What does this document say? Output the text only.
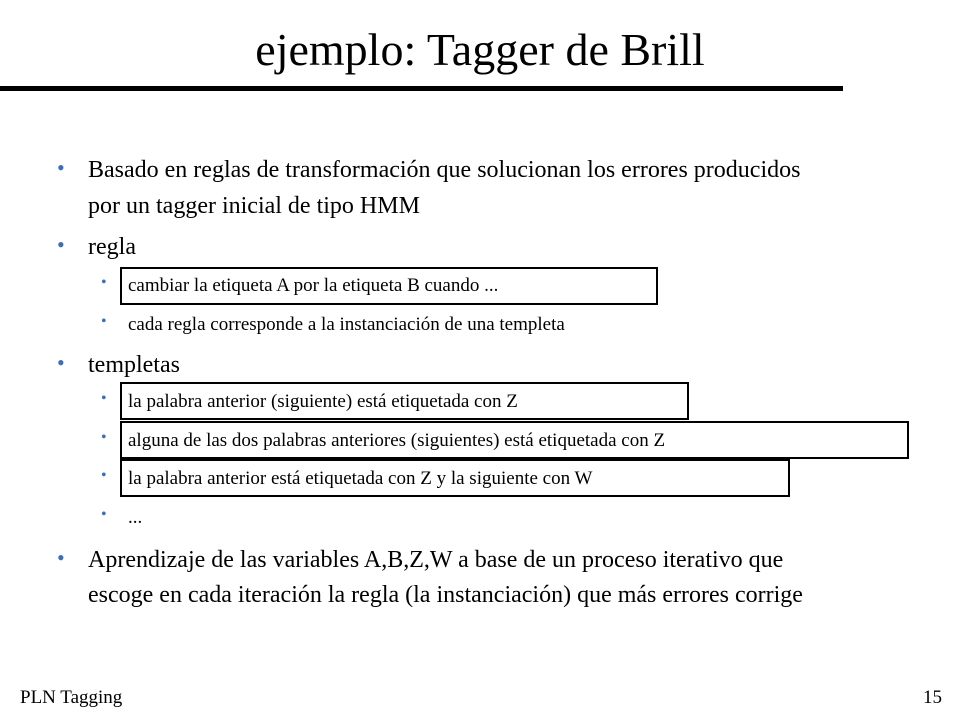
ejemplo: Tagger de Brill
• Basado en reglas de transformación que solucionan los errores producidos
por un tagger inicial de tipo HMM
• regla
• cambiar la etiqueta A por la etiqueta B cuando ...
• cada regla corresponde a la instanciación de una templeta
• templetas
• la palabra anterior (siguiente) está etiquetada con Z
• alguna de las dos palabras anteriores (siguientes) está etiquetada con Z
• la palabra anterior está etiquetada con Z y la siguiente con W
• ...
• Aprendizaje de las variables A,B,Z,W a base de un proceso iterativo que
escoge en cada iteración la regla (la instanciación) que más errores corrige
PLN Tagging	15
